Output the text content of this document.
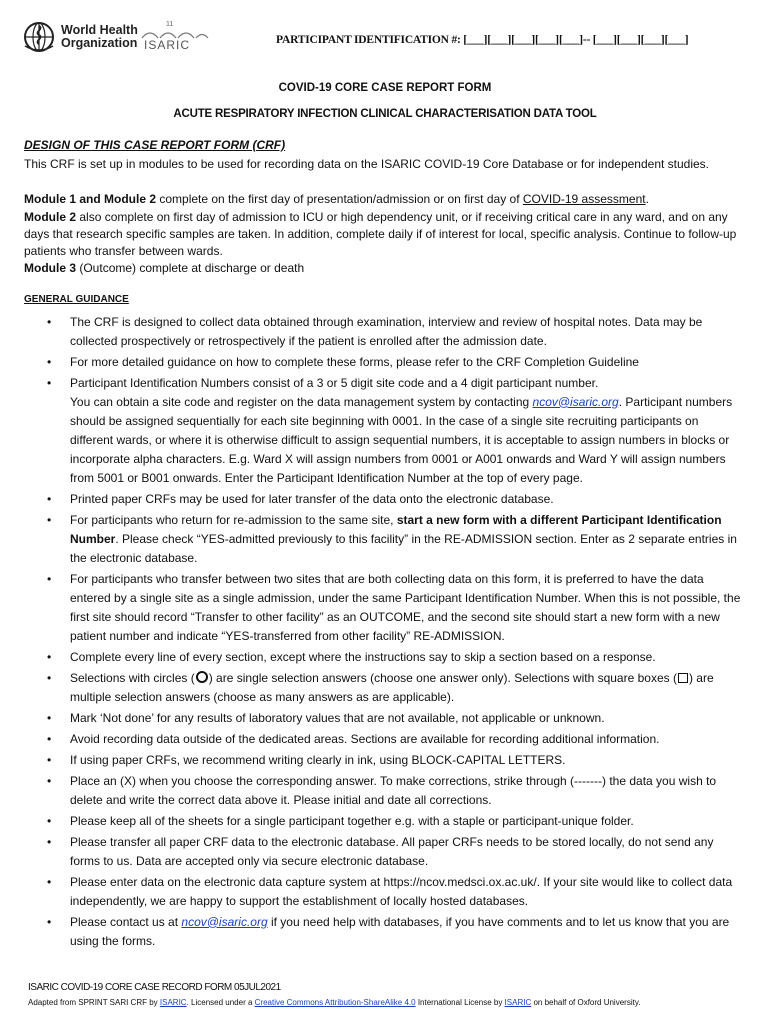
World Health
Organization
11
ISARIC	PARTICIPANT IDENTIFICATION #: [___][___][___][___][___]-- [___][___][___][___]
COVID-19 CORE CASE REPORT FORM
ACUTE RESPIRATORY INFECTION CLINICAL CHARACTERISATION DATA TOOL

DESIGN OF THIS CASE REPORT FORM (CRF)

This CRF is set up in modules to be used for recording data on the ISARIC COVID-19 Core Database or for independent studies.

Module 1 and Module 2 complete on the first day of presentation/admission or on first day of COVID-19 assessment.

Module 2 also complete on first day of admission to ICU or high dependency unit, or if receiving critical care in any ward, and on any days that research specific samples are taken. In addition, complete daily if of interest for local, specific analysis. Continue to follow-up patients who transfer between wards.

Module 3 (Outcome) complete at discharge or death

GENERAL GUIDANCE

• The CRF is designed to collect data obtained through examination, interview and review of hospital notes. Data may be collected prospectively or retrospectively if the patient is enrolled after the admission date.
• For more detailed guidance on how to complete these forms, please refer to the CRF Completion Guideline
• Participant Identification Numbers consist of a 3 or 5 digit site code and a 4 digit participant number.
You can obtain a site code and register on the data management system by contacting ncov@isaric.org. Participant numbers should be assigned sequentially for each site beginning with 0001. In the case of a single site recruiting participants on different wards, or where it is otherwise difficult to assign sequential numbers, it is acceptable to assign numbers in blocks or incorporate alpha characters. E.g. Ward X will assign numbers from 0001 or A001 onwards and Ward Y will assign numbers from 5001 or B001 onwards. Enter the Participant Identification Number at the top of every page.
• Printed paper CRFs may be used for later transfer of the data onto the electronic database.
• For participants who return for re-admission to the same site, start a new form with a different Participant Identification Number. Please check “YES-admitted previously to this facility” in the RE-ADMISSION section. Enter as 2 separate entries in the electronic database.
• For participants who transfer between two sites that are both collecting data on this form, it is preferred to have the data entered by a single site as a single admission, under the same Participant Identification Number. When this is not possible, the first site should record “Transfer to other facility” as an OUTCOME, and the second site should start a new form with a new patient number and indicate “YES-transferred from other facility” RE-ADMISSION.
• Complete every line of every section, except where the instructions say to skip a section based on a response.
• Selections with circles ( ) are single selection answers (choose one answer only). Selections with square boxes ( ) are multiple selection answers (choose as many answers as are applicable).
• Mark ‘Not done’ for any results of laboratory values that are not available, not applicable or unknown.
• Avoid recording data outside of the dedicated areas. Sections are available for recording additional information.
• If using paper CRFs, we recommend writing clearly in ink, using BLOCK-CAPITAL LETTERS.
• Place an (X) when you choose the corresponding answer. To make corrections, strike through (-------) the data you wish to delete and write the correct data above it. Please initial and date all corrections.
• Please keep all of the sheets for a single participant together e.g. with a staple or participant-unique folder.
• Please transfer all paper CRF data to the electronic database. All paper CRFs needs to be stored locally, do not send any forms to us. Data are accepted only via secure electronic database.
• Please enter data on the electronic data capture system at https://ncov.medsci.ox.ac.uk/. If your site would like to collect data independently, we are happy to support the establishment of locally hosted databases.
• Please contact us at ncov@isaric.org if you need help with databases, if you have comments and to let us know that you are using the forms.
ISARIC COVID-19 CORE CASE RECORD FORM 05JUL2021
Adapted from SPRINT SARI CRF by ISARIC. Licensed under a Creative Commons Attribution-ShareAlike 4.0 International License by ISARIC on behalf of Oxford University.
